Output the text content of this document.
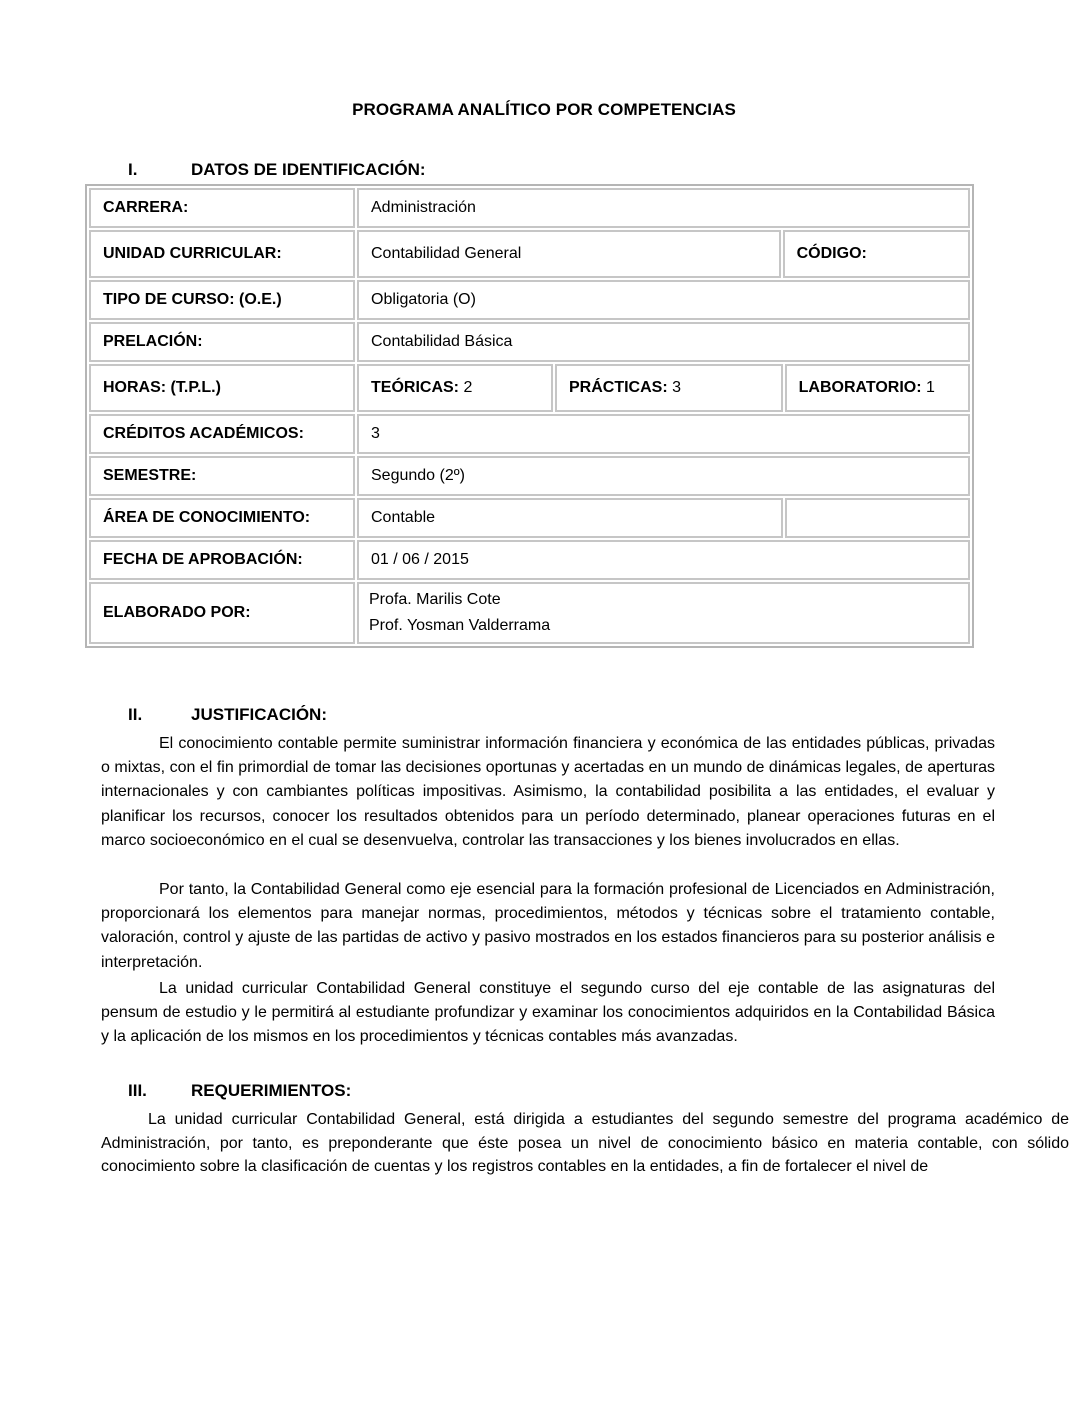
PROGRAMA ANALÍTICO POR COMPETENCIAS
I.	DATOS DE IDENTIFICACIÓN:
CARRERA:	Administración			
UNIDAD CURRICULAR:	Contabilidad General		CÓDIGO:	
TIPO DE CURSO: (O.E.)	Obligatoria (O)			
PRELACIÓN:	Contabilidad Básica			
HORAS: (T.P.L.)	TEÓRICAS: 2	PRÁCTICAS: 3		LABORATORIO: 1
CRÉDITOS ACADÉMICOS:	3			
SEMESTRE:	Segundo (2º)			
ÁREA DE CONOCIMIENTO:	Contable			
FECHA DE APROBACIÓN:	01 / 06 / 2015			
ELABORADO POR:	Profa. Marilis Cote
Prof. Yosman Valderrama			
II.	JUSTIFICACIÓN:

El conocimiento contable permite suministrar información financiera y económica de las entidades públicas, privadas o mixtas, con el fin primordial de tomar las decisiones oportunas y acertadas en un mundo de dinámicas legales, de aperturas internacionales y con cambiantes políticas impositivas. Asimismo, la contabilidad posibilita a las entidades, el evaluar y planificar los recursos, conocer los resultados obtenidos para un período determinado, planear operaciones futuras en el marco socioeconómico en el cual se desenvuelva, controlar las transacciones y los bienes involucrados en ellas.

Por tanto, la Contabilidad General como eje esencial para la formación profesional de Licenciados en Administración, proporcionará los elementos para manejar normas, procedimientos, métodos y técnicas sobre el tratamiento contable, valoración, control y ajuste de las partidas de activo y pasivo mostrados en los estados financieros para su posterior análisis e interpretación.

La unidad curricular Contabilidad General constituye el segundo curso del eje contable de las asignaturas del pensum de estudio y le permitirá al estudiante profundizar y examinar los conocimientos adquiridos en la Contabilidad Básica y la aplicación de los mismos en los procedimientos y técnicas contables más avanzadas.

III.	REQUERIMIENTOS:

La unidad curricular Contabilidad General, está dirigida a estudiantes del segundo semestre del programa académico de Administración, por tanto, es preponderante que éste posea un nivel de conocimiento básico en materia contable, con sólido conocimiento sobre la clasificación de cuentas y los registros contables en la entidades, a fin de fortalecer el nivel de
